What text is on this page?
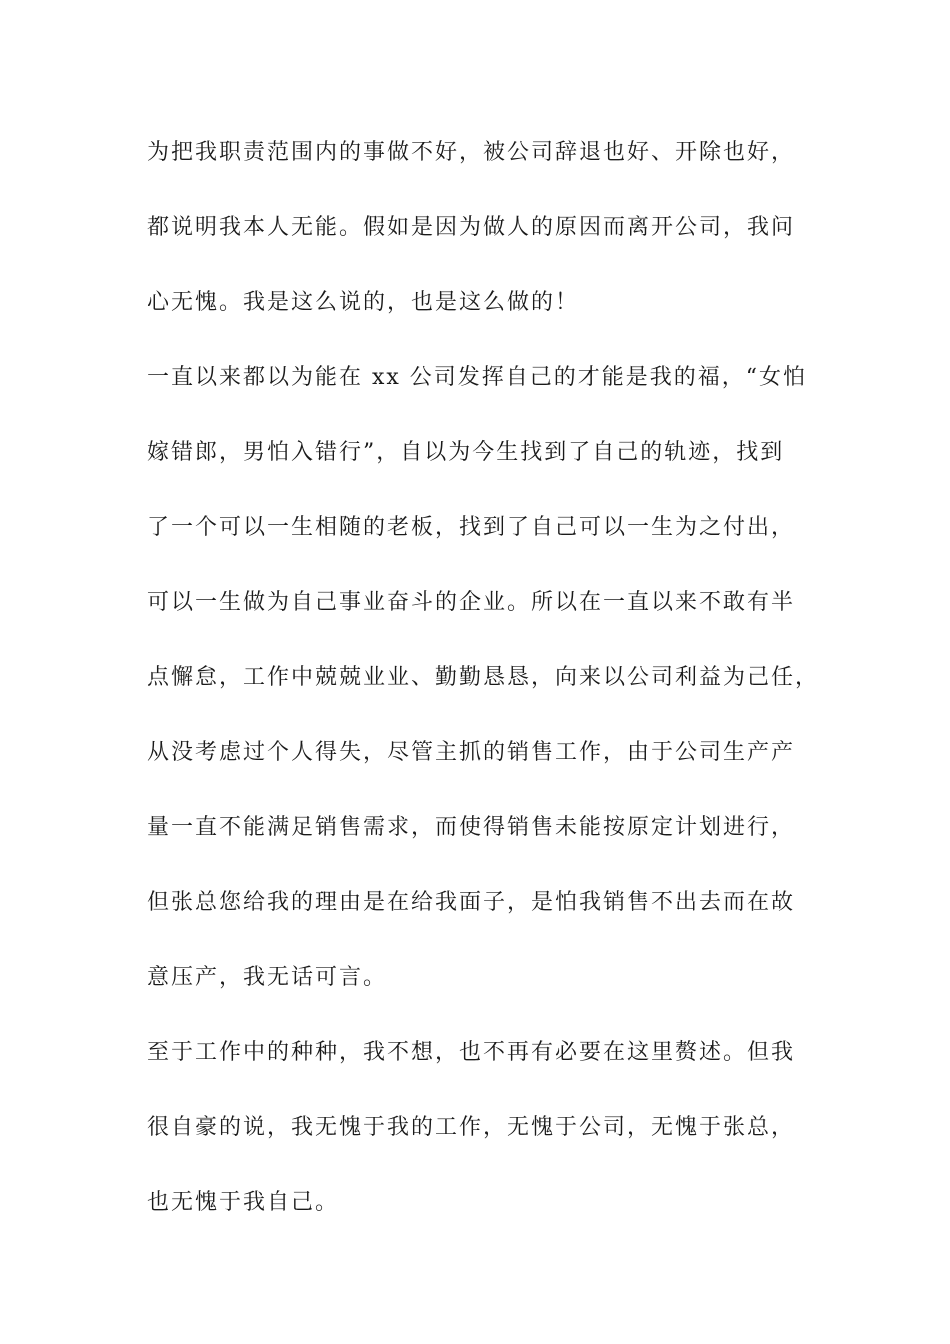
为把我职责范围内的事做不好，被公司辞退也好、开除也好，
都说明我本人无能。假如是因为做人的原因而离开公司，我问
心无愧。我是这么说的，也是这么做的！
一直以来都以为能在 xx 公司发挥自己的才能是我的福，“女怕
嫁错郎，男怕入错行”，自以为今生找到了自己的轨迹，找到
了一个可以一生相随的老板，找到了自己可以一生为之付出，
可以一生做为自己事业奋斗的企业。所以在一直以来不敢有半
点懈怠，工作中兢兢业业、勤勤恳恳，向来以公司利益为己任，
从没考虑过个人得失，尽管主抓的销售工作，由于公司生产产
量一直不能满足销售需求，而使得销售未能按原定计划进行，
但张总您给我的理由是在给我面子，是怕我销售不出去而在故
意压产，我无话可言。
至于工作中的种种，我不想，也不再有必要在这里赘述。但我
很自豪的说，我无愧于我的工作，无愧于公司，无愧于张总，
也无愧于我自己。
